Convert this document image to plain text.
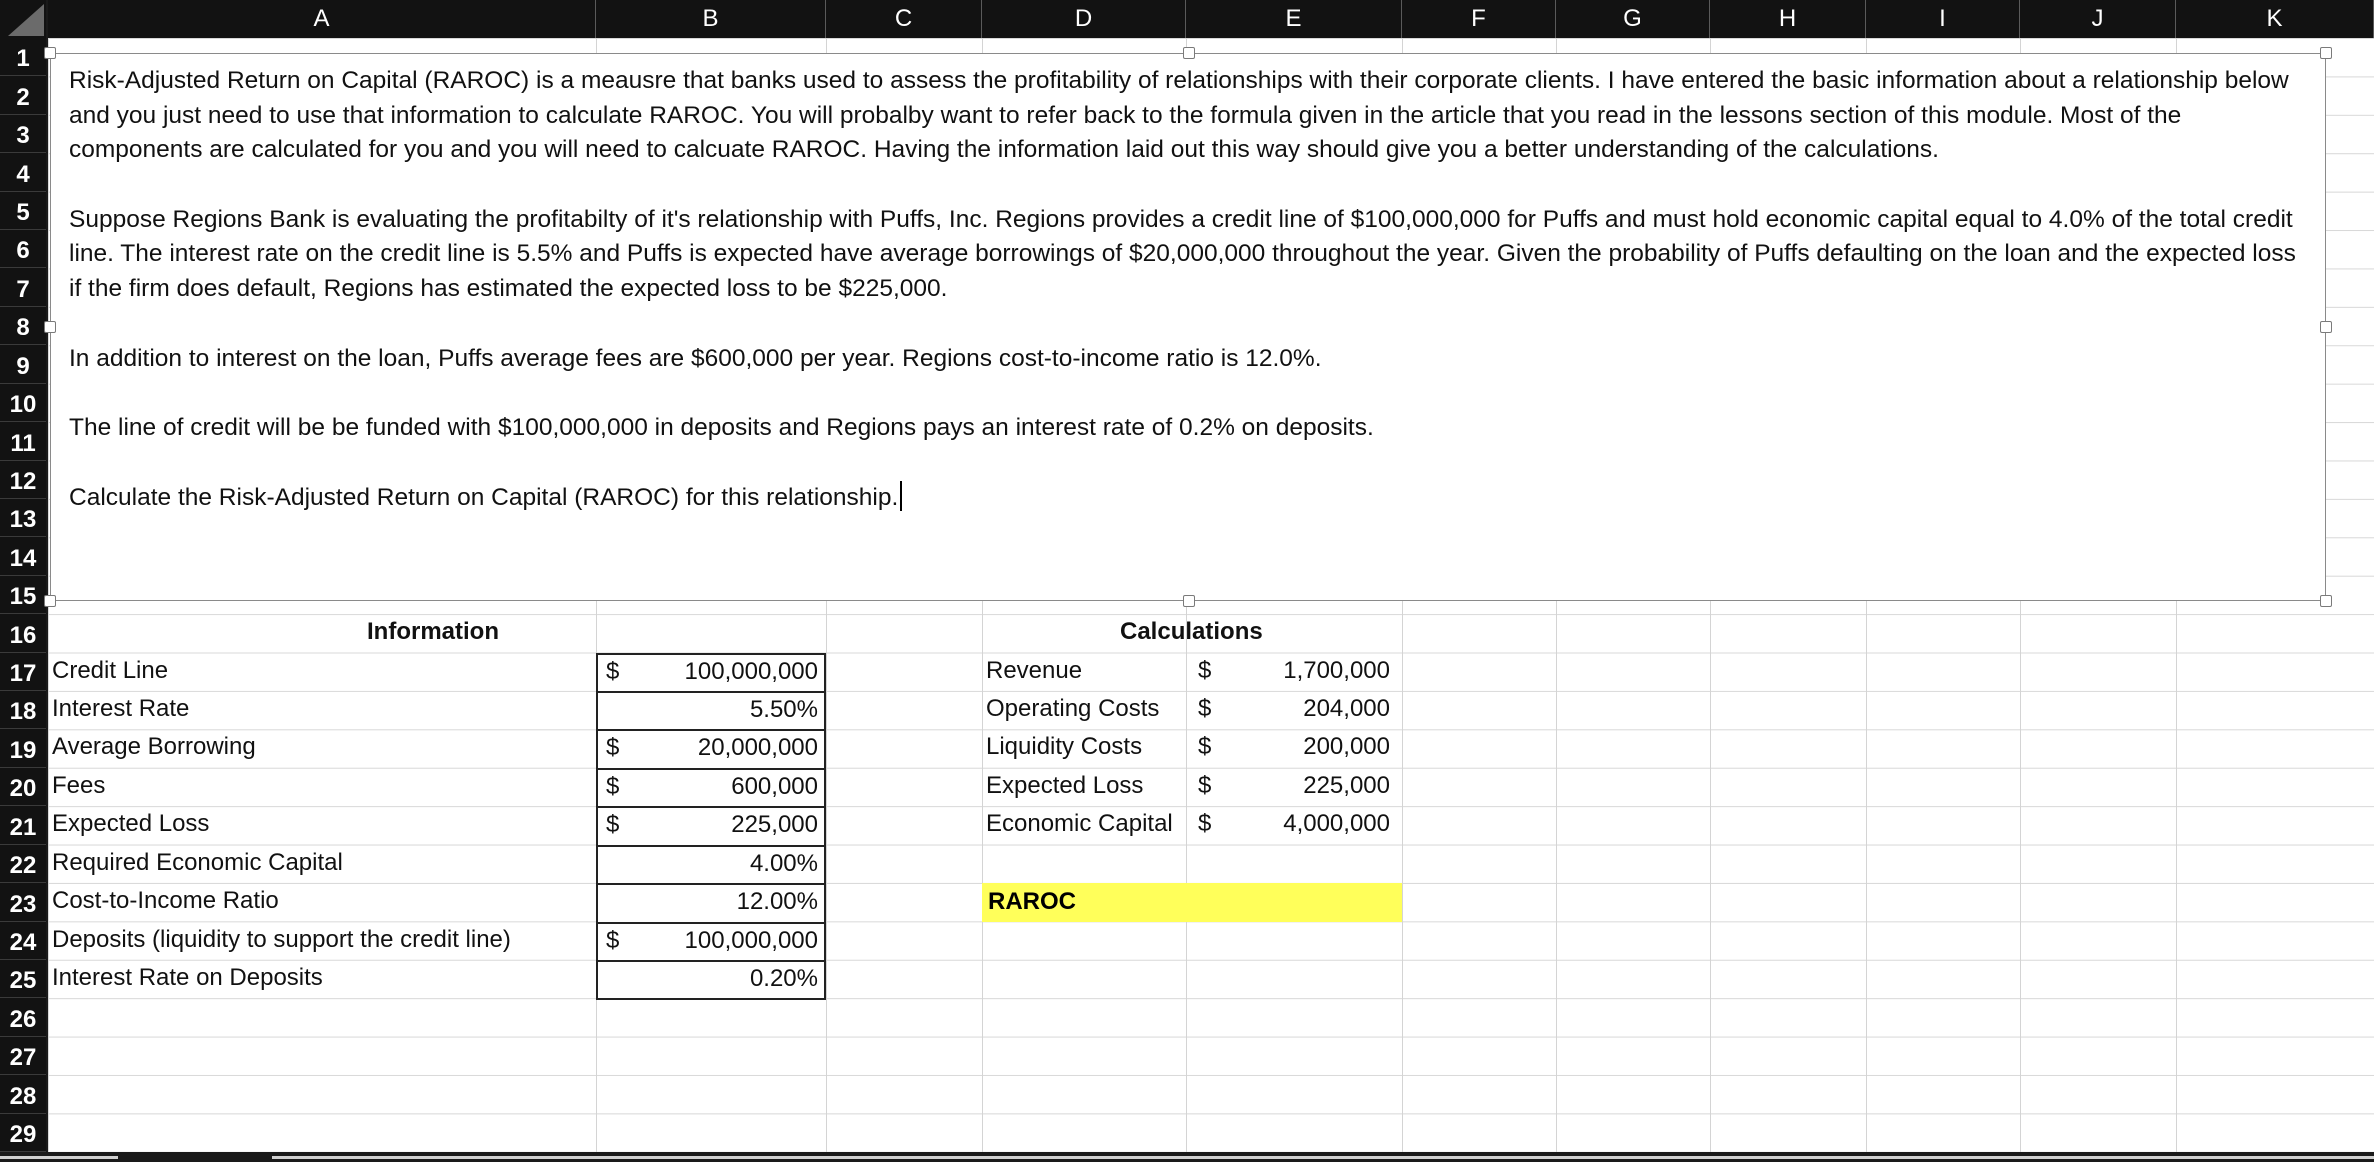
A	B	C	D	E	F	G	H	I	J	K
1
2
3
4
5
6
7
8
9
10
11
12
13
14
15
16
17
18
19
20
21
22
23
24
25
26
27
28
29

Risk-Adjusted Return on Capital (RAROC) is a meausre that banks used to assess the profitability of relationships with their corporate clients. I have entered the basic information about a relationship below and you just need to use that information to calculate RAROC. You will probalby want to refer back to the formula given in the article that you read in the lessons section of this module. Most of the components are calculated for you and you will need to calcuate RAROC. Having the information laid out this way should give you a better understanding of the calculations.

Suppose Regions Bank is evaluating the profitabilty of it's relationship with Puffs, Inc. Regions provides a credit line of $100,000,000 for Puffs and must hold economic capital equal to 4.0% of the total credit line. The interest rate on the credit line is 5.5% and Puffs is expected have average borrowings of $20,000,000 throughout the year. Given the probability of Puffs defaulting on the loan and the expected loss if the firm does default, Regions has estimated the expected loss to be $225,000.

In addition to interest on the loan, Puffs average fees are $600,000 per year. Regions cost-to-income ratio is 12.0%.

The line of credit will be be funded with $100,000,000 in deposits and Regions pays an interest rate of 0.2% on deposits.

Calculate the Risk-Adjusted Return on Capital (RAROC) for this relationship.

Information
Credit Line	$	100,000,000
Interest Rate	5.50%
Average Borrowing	$	20,000,000
Fees	$	600,000
Expected Loss	$	225,000
Required Economic Capital	4.00%
Cost-to-Income Ratio	12.00%
Deposits (liquidity to support the credit line)	$	100,000,000
Interest Rate on Deposits	0.20%
Calculations
Revenue	$	1,700,000
Operating Costs $	204,000
Liquidity Costs $	200,000
Expected Loss $	225,000
Economic Capital $	4,000,000
RAROC
